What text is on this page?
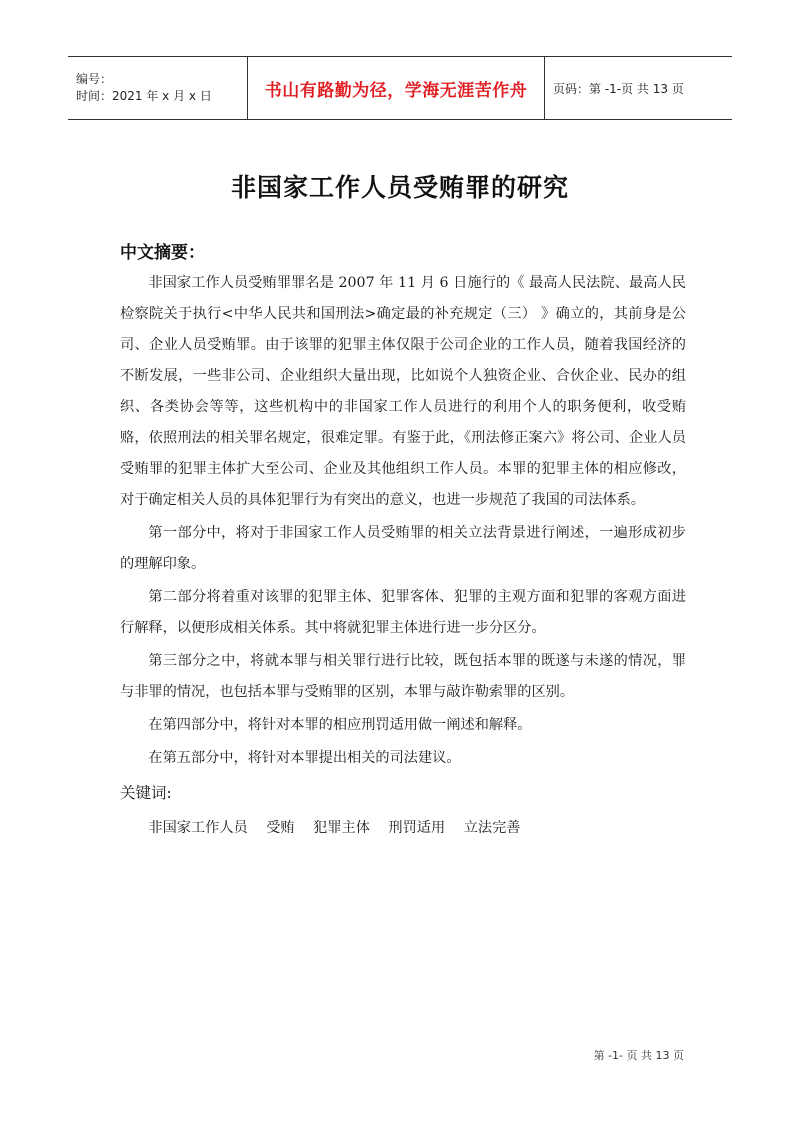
编号：
时间：2021 年 x 月 x 日	书山有路勤为径，学海无涯苦作舟 页码：第 -1-页 共 13 页
非国家工作人员受贿罪的研究
中文摘要：

非国家工作人员受贿罪罪名是 2007 年 11 月 6 日施行的《 最高人民法院、最高人民检察院关于执行<中华人民共和国刑法>确定最的补充规定（三） 》确立的，其前身是公司、企业人员受贿罪。由于该罪的犯罪主体仅限于公司企业的工作人员，随着我国经济的不断发展，一些非公司、企业组织大量出现，比如说个人独资企业、合伙企业、民办的组织、各类协会等等，这些机构中的非国家工作人员进行的利用个人的职务便利，收受贿赂，依照刑法的相关罪名规定，很难定罪。有鉴于此，《刑法修正案六》将公司、企业人员受贿罪的犯罪主体扩大至公司、企业及其他组织工作人员。本罪的犯罪主体的相应修改，对于确定相关人员的具体犯罪行为有突出的意义，也进一步规范了我国的司法体系。

第一部分中，将对于非国家工作人员受贿罪的相关立法背景进行阐述，一遍形成初步的理解印象。

第二部分将着重对该罪的犯罪主体、犯罪客体、犯罪的主观方面和犯罪的客观方面进行解释，以便形成相关体系。其中将就犯罪主体进行进一步分区分。

第三部分之中，将就本罪与相关罪行进行比较，既包括本罪的既遂与未遂的情况，罪与非罪的情况，也包括本罪与受贿罪的区别，本罪与敲诈勒索罪的区别。

在第四部分中，将针对本罪的相应刑罚适用做一阐述和解释。

在第五部分中，将针对本罪提出相关的司法建议。

关键词:
非国家工作人员 受贿 犯罪主体 刑罚适用 立法完善
第 -1- 页 共 13 页
